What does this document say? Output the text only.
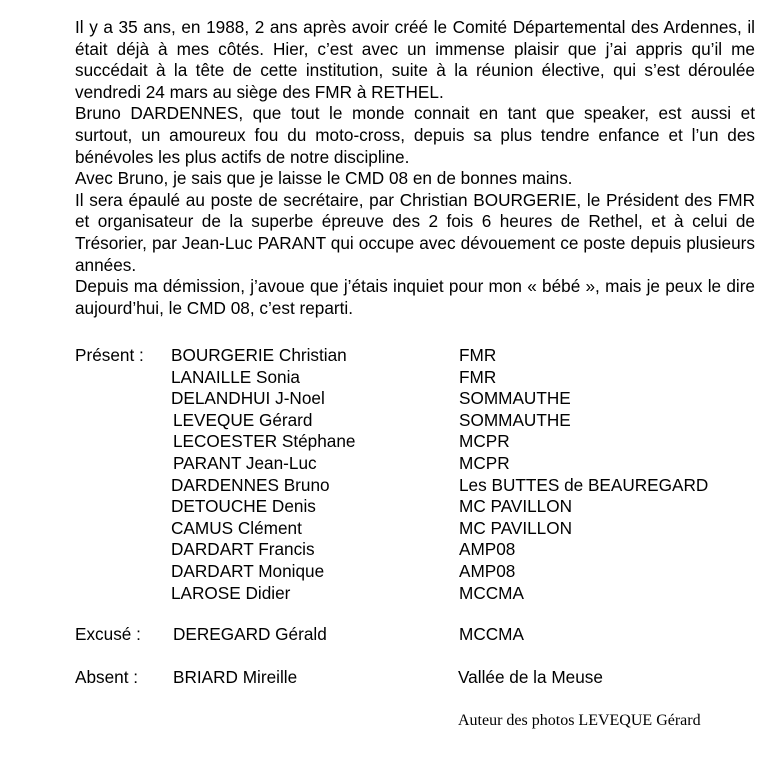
Il y a 35 ans, en 1988, 2 ans après avoir créé le Comité Départemental des Ardennes, il était déjà à mes côtés. Hier, c’est avec un immense plaisir que j’ai appris qu’il me succédait à la tête de cette institution, suite à la réunion élective, qui s’est déroulée vendredi 24 mars au siège des FMR à RETHEL.

Bruno DARDENNES, que tout le monde connait en tant que speaker, est aussi et surtout, un amoureux fou du moto-cross, depuis sa plus tendre enfance et l’un des bénévoles les plus actifs de notre discipline.

Avec Bruno, je sais que je laisse le CMD 08 en de bonnes mains.

Il sera épaulé au poste de secrétaire, par Christian BOURGERIE, le Président des FMR et organisateur de la superbe épreuve des 2 fois 6 heures de Rethel, et à celui de Trésorier, par Jean-Luc PARANT qui occupe avec dévouement ce poste depuis plusieurs années.

Depuis ma démission, j’avoue que j’étais inquiet pour mon « bébé », mais je peux le dire aujourd’hui, le CMD 08, c’est reparti.

Présent : BOURGERIE Christian	FMR
LANAILLE Sonia	FMR
DELANDHUI J-Noel	SOMMAUTHE
LEVEQUE Gérard	SOMMAUTHE
LECOESTER Stéphane	MCPR
PARANT Jean-Luc	MCPR
DARDENNES Bruno	Les BUTTES de BEAUREGARD
DETOUCHE Denis	MC PAVILLON
CAMUS Clément	MC PAVILLON
DARDART Francis	AMP08
DARDART Monique	AMP08
LAROSE Didier	MCCMA
Excusé : DEREGARD Gérald	MCCMA
Absent : BRIARD Mireille	Vallée de la Meuse
Auteur des photos LEVEQUE Gérard
